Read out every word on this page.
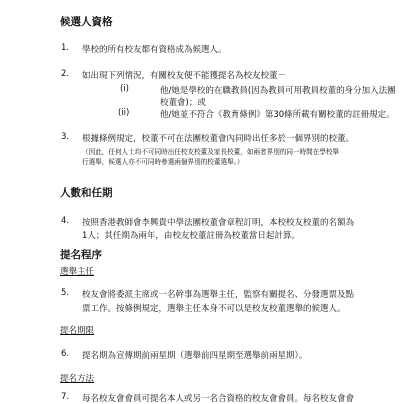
候選人資格
1. 學校的所有校友都有資格成為候選人。
2. 如出現下列情況，有關校友便不能獲提名為校友校董－
(i)	他/她是學校的在職教員(因為教員可用教員校董的身分加入法團
校董會)；或
(ii)	他/她並不符合《教育條例》第30條所載有關校董的註冊規定。
3. 根據條例規定，校董不可在法團校董會內同時出任多於一個界別的校董。
（因此，任何人士均不可同時出任校友校董及家長校董，如兩者界別的同一時間在學校舉
行選舉，候選人亦不可同時參選兩個界別的校董選舉。）
人數和任期
4. 按照香港教師會李興貴中學法團校董會章程訂明，本校校友校董的名額為
1人；其任期為兩年，由校友校董註冊為校董當日起計算。
提名程序
選舉主任
5. 校友會將委派主席或一名幹事為選舉主任，監察有關提名、分發選票及點
票工作。按條例規定，選舉主任本身不可以是校友校董選舉的候選人。
提名期限
6. 提名期為宣傳期前兩星期（選舉前四星期至選舉前兩星期）。
提名方法
7. 每名校友會會員可提名本人或另一名合資格的校友會會員。每名校友會會
